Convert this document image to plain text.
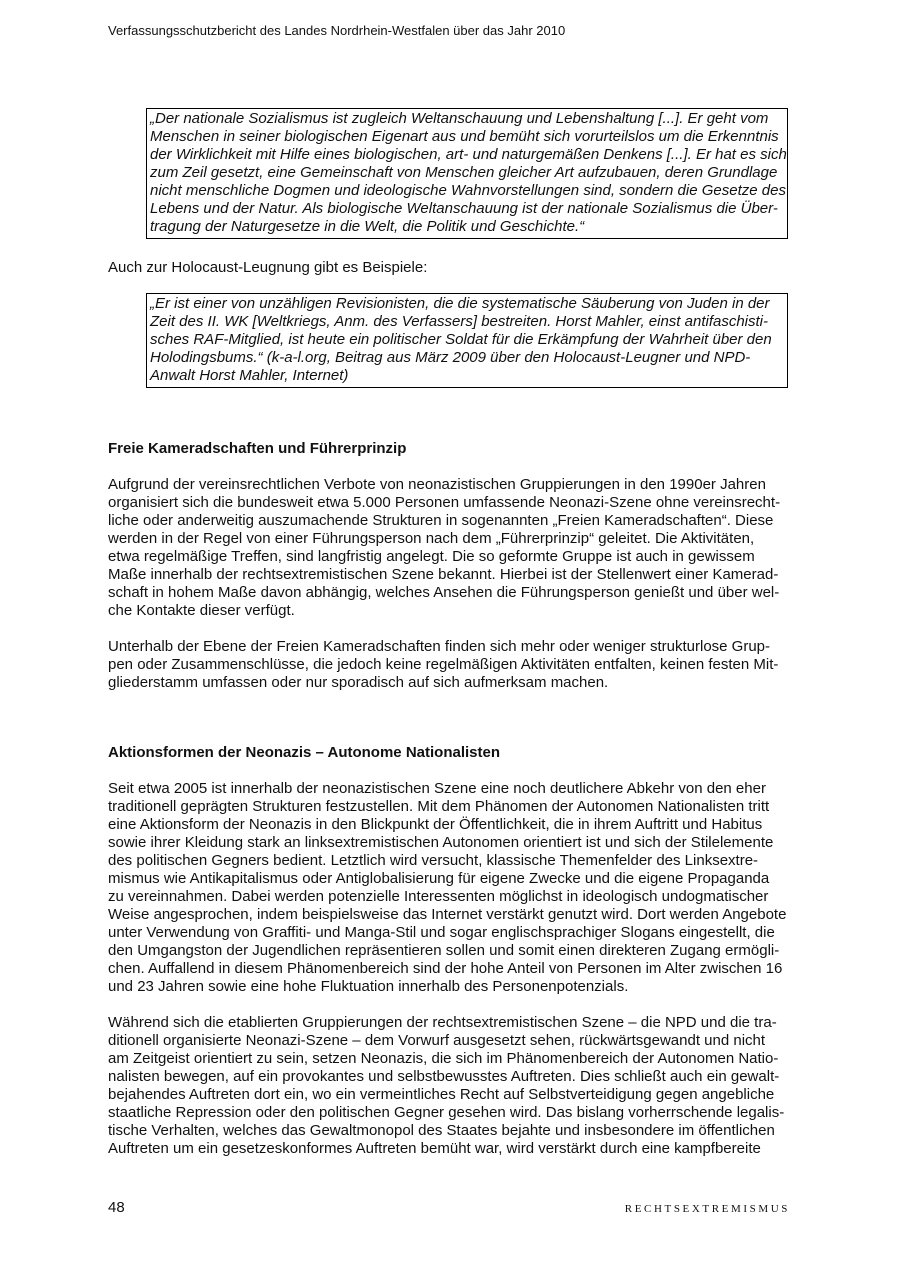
Verfassungsschutzbericht des Landes Nordrhein-Westfalen über das Jahr 2010
„Der nationale Sozialismus ist zugleich Weltanschauung und Lebenshaltung [...]. Er geht vom
Menschen in seiner biologischen Eigenart aus und bemüht sich vorurteilslos um die Erkenntnis
der Wirklichkeit mit Hilfe eines biologischen, art- und naturgemäßen Denkens [...]. Er hat es sich
zum Zeil gesetzt, eine Gemeinschaft von Menschen gleicher Art aufzubauen, deren Grundlage
nicht menschliche Dogmen und ideologische Wahnvorstellungen sind, sondern die Gesetze des
Lebens und der Natur. Als biologische Weltanschauung ist der nationale Sozialismus die Über-
tragung der Naturgesetze in die Welt, die Politik und Geschichte.“
Auch zur Holocaust-Leugnung gibt es Beispiele:
„Er ist einer von unzähligen Revisionisten, die die systematische Säuberung von Juden in der
Zeit des II. WK [Weltkriegs, Anm. des Verfassers] bestreiten. Horst Mahler, einst antifaschisti-
sches RAF-Mitglied, ist heute ein politischer Soldat für die Erkämpfung der Wahrheit über den
Holodingsbums.“ (k-a-l.org, Beitrag aus März 2009 über den Holocaust-Leugner und NPD-
Anwalt Horst Mahler, Internet)
Freie Kameradschaften und Führerprinzip
Aufgrund der vereinsrechtlichen Verbote von neonazistischen Gruppierungen in den 1990er Jahren
organisiert sich die bundesweit etwa 5.000 Personen umfassende Neonazi-Szene ohne vereinsrecht-
liche oder anderweitig auszumachende Strukturen in sogenannten „Freien Kameradschaften“. Diese
werden in der Regel von einer Führungsperson nach dem „Führerprinzip“ geleitet. Die Aktivitäten,
etwa regelmäßige Treffen, sind langfristig angelegt. Die so geformte Gruppe ist auch in gewissem
Maße innerhalb der rechtsextremistischen Szene bekannt. Hierbei ist der Stellenwert einer Kamerad-
schaft in hohem Maße davon abhängig, welches Ansehen die Führungsperson genießt und über wel-
che Kontakte dieser verfügt.
Unterhalb der Ebene der Freien Kameradschaften finden sich mehr oder weniger strukturlose Grup-
pen oder Zusammenschlüsse, die jedoch keine regelmäßigen Aktivitäten entfalten, keinen festen Mit-
gliederstamm umfassen oder nur sporadisch auf sich aufmerksam machen.
Aktionsformen der Neonazis – Autonome Nationalisten
Seit etwa 2005 ist innerhalb der neonazistischen Szene eine noch deutlichere Abkehr von den eher
traditionell geprägten Strukturen festzustellen. Mit dem Phänomen der Autonomen Nationalisten tritt
eine Aktionsform der Neonazis in den Blickpunkt der Öffentlichkeit, die in ihrem Auftritt und Habitus
sowie ihrer Kleidung stark an linksextremistischen Autonomen orientiert ist und sich der Stilelemente
des politischen Gegners bedient. Letztlich wird versucht, klassische Themenfelder des Linksextre-
mismus wie Antikapitalismus oder Antiglobalisierung für eigene Zwecke und die eigene Propaganda
zu vereinnahmen. Dabei werden potenzielle Interessenten möglichst in ideologisch undogmatischer
Weise angesprochen, indem beispielsweise das Internet verstärkt genutzt wird. Dort werden Angebote
unter Verwendung von Graffiti- und Manga-Stil und sogar englischsprachiger Slogans eingestellt, die
den Umgangston der Jugendlichen repräsentieren sollen und somit einen direkteren Zugang ermögli-
chen. Auffallend in diesem Phänomenbereich sind der hohe Anteil von Personen im Alter zwischen 16
und 23 Jahren sowie eine hohe Fluktuation innerhalb des Personenpotenzials.
Während sich die etablierten Gruppierungen der rechtsextremistischen Szene – die NPD und die tra-
ditionell organisierte Neonazi-Szene – dem Vorwurf ausgesetzt sehen, rückwärtsgewandt und nicht
am Zeitgeist orientiert zu sein, setzen Neonazis, die sich im Phänomenbereich der Autonomen Natio-
nalisten bewegen, auf ein provokantes und selbstbewusstes Auftreten. Dies schließt auch ein gewalt-
bejahendes Auftreten dort ein, wo ein vermeintliches Recht auf Selbstverteidigung gegen angebliche
staatliche Repression oder den politischen Gegner gesehen wird. Das bislang vorherrschende legalis-
tische Verhalten, welches das Gewaltmonopol des Staates bejahte und insbesondere im öffentlichen
Auftreten um ein gesetzeskonformes Auftreten bemüht war, wird verstärkt durch eine kampfbereite
48	RECHTSEXTREMISMUS
